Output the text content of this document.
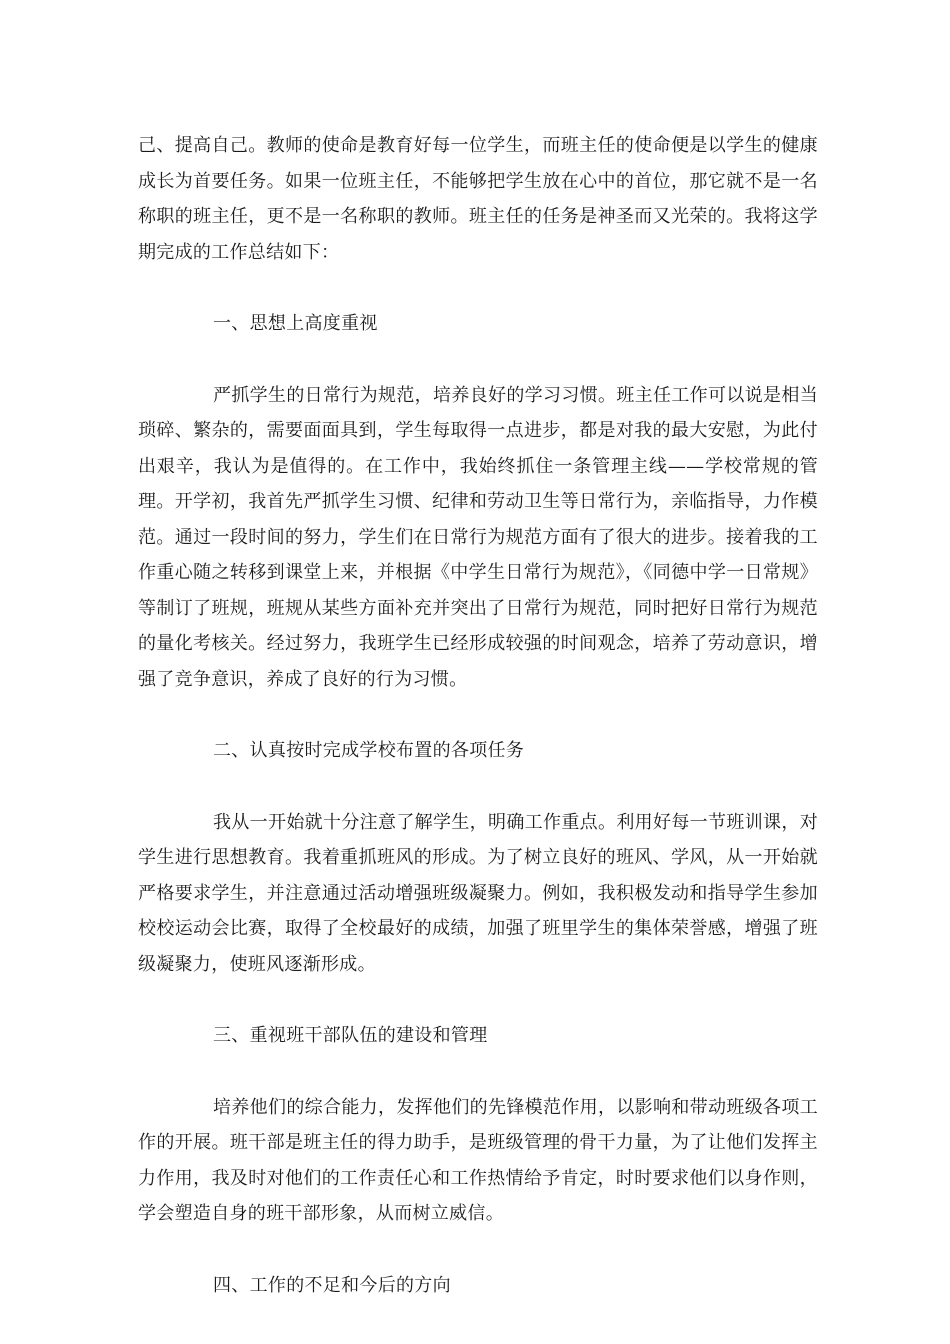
己、提高自己。教师的使命是教育好每一位学生，而班主任的使命便是以学生的健康成长为首要任务。如果一位班主任，不能够把学生放在心中的首位，那它就不是一名称职的班主任，更不是一名称职的教师。班主任的任务是神圣而又光荣的。我将这学期完成的工作总结如下：

一、思想上高度重视

严抓学生的日常行为规范，培养良好的学习习惯。班主任工作可以说是相当琐碎、繁杂的，需要面面具到，学生每取得一点进步，都是对我的最大安慰，为此付出艰辛，我认为是值得的。在工作中，我始终抓住一条管理主线——学校常规的管理。开学初，我首先严抓学生习惯、纪律和劳动卫生等日常行为，亲临指导，力作模范。通过一段时间的努力，学生们在日常行为规范方面有了很大的进步。接着我的工作重心随之转移到课堂上来，并根据《中学生日常行为规范》，《同德中学一日常规》等制订了班规，班规从某些方面补充并突出了日常行为规范，同时把好日常行为规范的量化考核关。经过努力，我班学生已经形成较强的时间观念，培养了劳动意识，增强了竞争意识，养成了良好的行为习惯。

二、认真按时完成学校布置的各项任务

我从一开始就十分注意了解学生，明确工作重点。利用好每一节班训课，对学生进行思想教育。我着重抓班风的形成。为了树立良好的班风、学风，从一开始就严格要求学生，并注意通过活动增强班级凝聚力。例如，我积极发动和指导学生参加校校运动会比赛，取得了全校最好的成绩，加强了班里学生的集体荣誉感，增强了班级凝聚力，使班风逐渐形成。

三、重视班干部队伍的建设和管理

培养他们的综合能力，发挥他们的先锋模范作用，以影响和带动班级各项工作的开展。班干部是班主任的得力助手，是班级管理的骨干力量，为了让他们发挥主力作用，我及时对他们的工作责任心和工作热情给予肯定，时时要求他们以身作则，学会塑造自身的班干部形象，从而树立威信。

四、工作的不足和今后的方向
